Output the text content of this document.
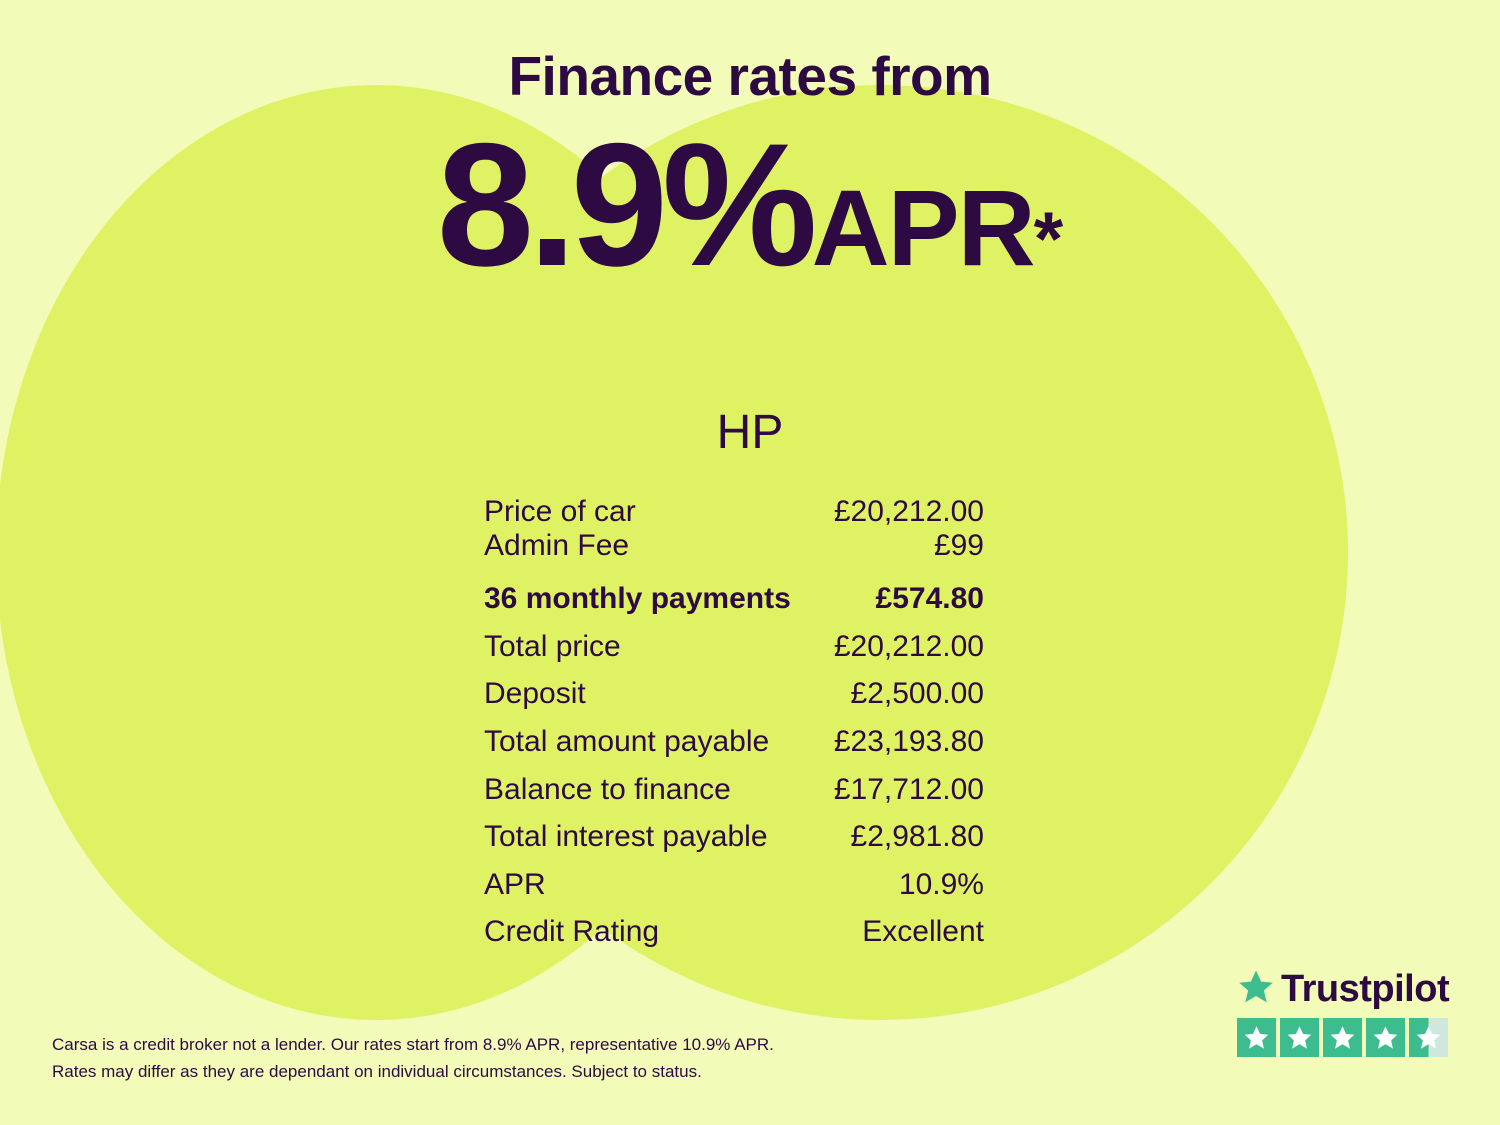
Finance rates from
8.9%APR*
HP
Price of car	£20,212.00
Admin Fee	£99
36 monthly payments	£574.80
Total price	£20,212.00
Deposit	£2,500.00
Total amount payable £23,193.80
Balance to finance	£17,712.00
Total interest payable	£2,981.80
APR	10.9%
Credit Rating	Excellent
Carsa is a credit broker not a lender. Our rates start from 8.9% APR, representative 10.9% APR.
Rates may differ as they are dependant on individual circumstances. Subject to status.
Trustpilot
